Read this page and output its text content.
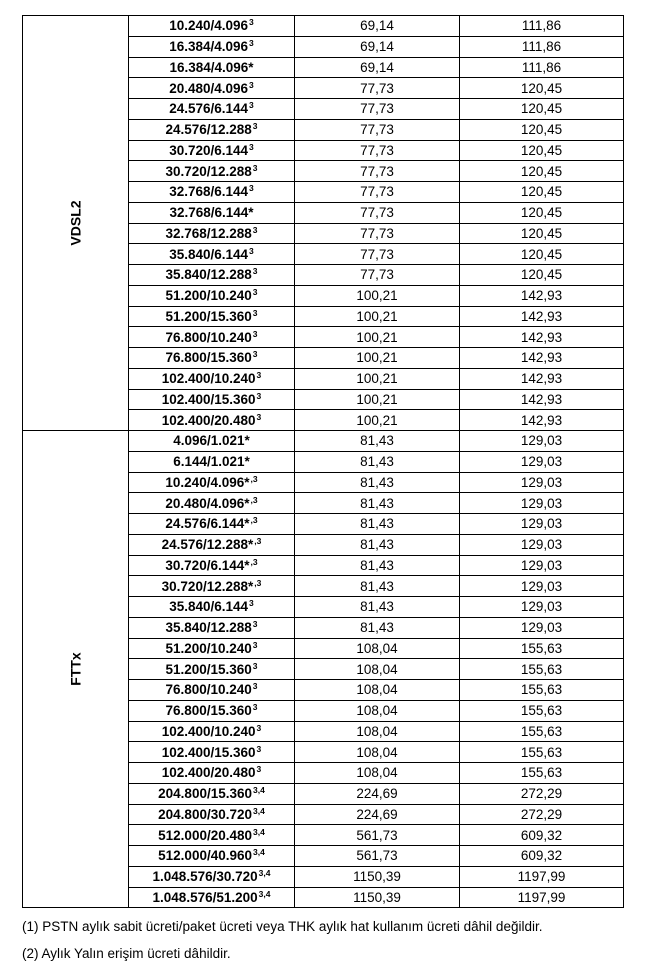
VDSL2	10.240/4.096$^3$	69,14	111,86
	16.384/4.096$^3$	69,14	111,86
	16.384/4.096*	69,14	111,86
	20.480/4.096$^3$	77,73	120,45
	24.576/6.144$^3$	77,73	120,45
	24.576/12.288$^3$	77,73	120,45
	30.720/6.144$^3$	77,73	120,45
	30.720/12.288$^3$	77,73	120,45
	32.768/6.144$^3$	77,73	120,45
	32.768/6.144*	77,73	120,45
	32.768/12.288$^3$	77,73	120,45
	35.840/6.144$^3$	77,73	120,45
	35.840/12.288$^3$	77,73	120,45
	51.200/10.240$^3$	100,21	142,93
	51.200/15.360$^3$	100,21	142,93
	76.800/10.240$^3$	100,21	142,93
	76.800/15.360$^3$	100,21	142,93
	102.400/10.240$^3$	100,21	142,93
	102.400/15.360$^3$	100,21	142,93
	102.400/20.480$^3$	100,21	142,93

FTTx	4.096/1.021*	81,43	129,03
	6.144/1.021*	81,43	129,03
	10.240/4.096*$^{,3}$	81,43	129,03
	20.480/4.096*$^{,3}$	81,43	129,03
	24.576/6.144*$^{,3}$	81,43	129,03
	24.576/12.288*$^{,3}$	81,43	129,03
	30.720/6.144*$^{,3}$	81,43	129,03
	30.720/12.288*$^{,3}$	81,43	129,03
	35.840/6.144$^3$	81,43	129,03
	35.840/12.288$^3$	81,43	129,03
	51.200/10.240$^3$	108,04	155,63
	51.200/15.360$^3$	108,04	155,63
	76.800/10.240$^3$	108,04	155,63
	76.800/15.360$^3$	108,04	155,63
	102.400/10.240$^3$	108,04	155,63
	102.400/15.360$^3$	108,04	155,63
	102.400/20.480$^3$	108,04	155,63
	204.800/15.360$^{3,4}$	224,69	272,29
	204.800/30.720$^{3,4}$	224,69	272,29
	512.000/20.480$^{3,4}$	561,73	609,32
	512.000/40.960$^{3,4}$	561,73	609,32
	1.048.576/30.720$^{3,4}$	1150,39	1197,99
	1.048.576/51.200$^{3,4}$	1150,39	1197,99

(1) PSTN aylık sabit ücreti/paket ücreti veya THK aylık hat kullanım ücreti dâhil değildir.

(2) Aylık Yalın erişim ücreti dâhildir.
